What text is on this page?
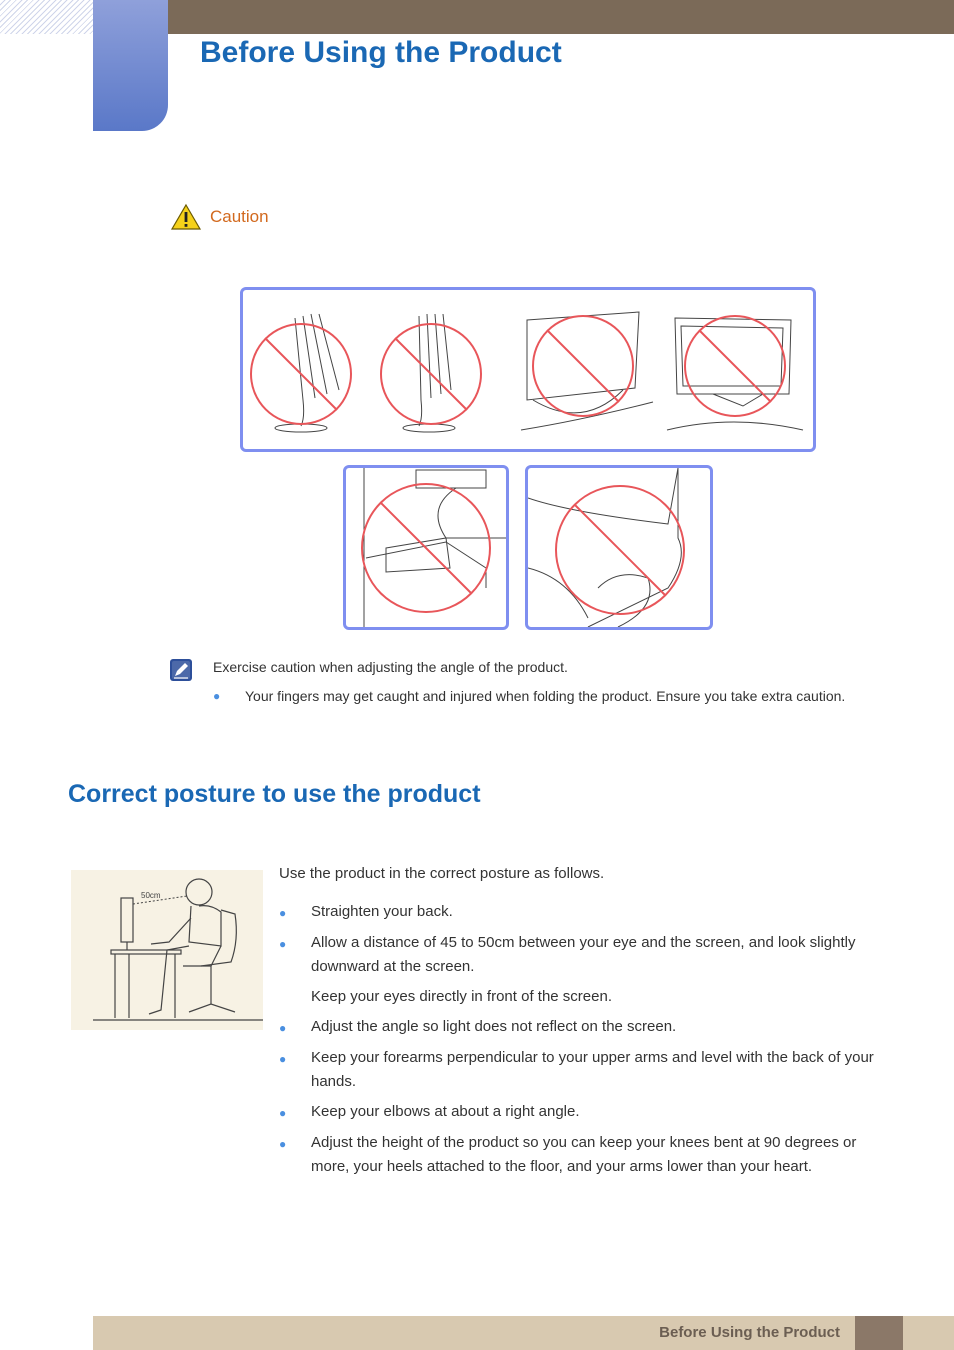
Before Using the Product
Caution
Exercise caution when adjusting the angle of the product.
●	Your fingers may get caught and injured when folding the product. Ensure you take extra caution.
Correct posture to use the product
50cm
Use the product in the correct posture as follows.
●	Straighten your back.
●	Allow a distance of 45 to 50cm between your eye and the screen, and look slightly downward at the screen.
Keep your eyes directly in front of the screen.
●	Adjust the angle so light does not reflect on the screen.
●	Keep your forearms perpendicular to your upper arms and level with the back of your hands.
●	Keep your elbows at about a right angle.
●	Adjust the height of the product so you can keep your knees bent at 90 degrees or more, your heels attached to the floor, and your arms lower than your heart.
Before Using the Product
